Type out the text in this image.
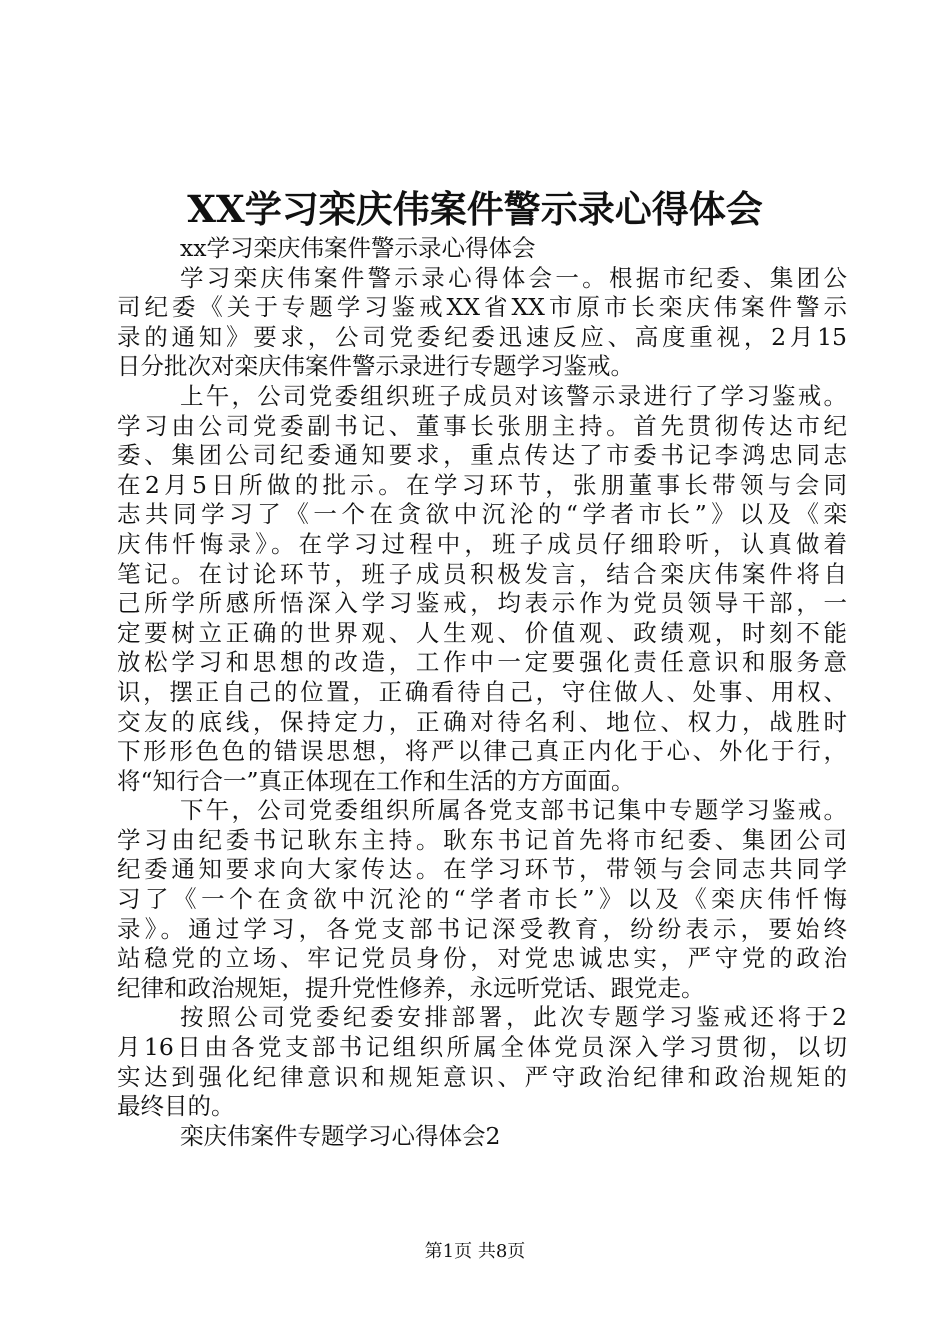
XX学习栾庆伟案件警示录心得体会
xx学习栾庆伟案件警示录心得体会
学习栾庆伟案件警示录心得体会一。根据市纪委、集团公
司纪委《关于专题学习鉴戒XX省XX市原市长栾庆伟案件警示
录的通知》要求，公司党委纪委迅速反应、高度重视，2月15
日分批次对栾庆伟案件警示录进行专题学习鉴戒。
上午，公司党委组织班子成员对该警示录进行了学习鉴戒。
学习由公司党委副书记、董事长张朋主持。首先贯彻传达市纪
委、集团公司纪委通知要求，重点传达了市委书记李鸿忠同志
在2月5日所做的批示。在学习环节，张朋董事长带领与会同
志共同学习了《一个在贪欲中沉沦的“学者市长”》以及《栾
庆伟忏悔录》。在学习过程中，班子成员仔细聆听，认真做着
笔记。在讨论环节，班子成员积极发言，结合栾庆伟案件将自
己所学所感所悟深入学习鉴戒，均表示作为党员领导干部，一
定要树立正确的世界观、人生观、价值观、政绩观，时刻不能
放松学习和思想的改造，工作中一定要强化责任意识和服务意
识，摆正自己的位置，正确看待自己，守住做人、处事、用权、
交友的底线，保持定力，正确对待名利、地位、权力，战胜时
下形形色色的错误思想，将严以律己真正内化于心、外化于行，
将“知行合一”真正体现在工作和生活的方方面面。
下午，公司党委组织所属各党支部书记集中专题学习鉴戒。
学习由纪委书记耿东主持。耿东书记首先将市纪委、集团公司
纪委通知要求向大家传达。在学习环节，带领与会同志共同学
习了《一个在贪欲中沉沦的“学者市长”》以及《栾庆伟忏悔
录》。通过学习，各党支部书记深受教育，纷纷表示，要始终
站稳党的立场、牢记党员身份，对党忠诚忠实，严守党的政治
纪律和政治规矩，提升党性修养，永远听党话、跟党走。
按照公司党委纪委安排部署，此次专题学习鉴戒还将于2
月16日由各党支部书记组织所属全体党员深入学习贯彻，以切
实达到强化纪律意识和规矩意识、严守政治纪律和政治规矩的
最终目的。
栾庆伟案件专题学习心得体会2
第1页 共8页
